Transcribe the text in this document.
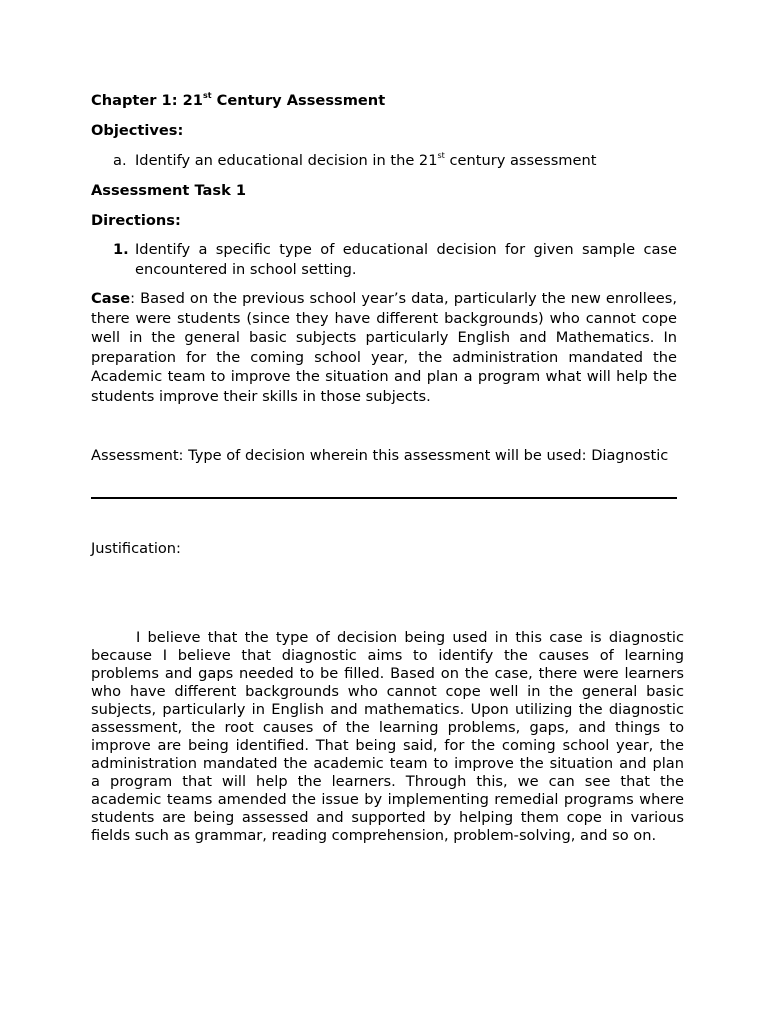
Chapter 1: 21st Century Assessment

Objectives:

a. Identify an educational decision in the 21st century assessment

Assessment Task 1

Directions:

1. Identify a specific type of educational decision for given sample case encountered in school setting.

Case: Based on the previous school year’s data, particularly the new enrollees, there were students (since they have different backgrounds) who cannot cope well in the general basic subjects particularly English and Mathematics. In preparation for the coming school year, the administration mandated the Academic team to improve the situation and plan a program what will help the students improve their skills in those subjects.

Assessment: Type of decision wherein this assessment will be used: Diagnostic

Justification:

I believe that the type of decision being used in this case is diagnostic because I believe that diagnostic aims to identify the causes of learning problems and gaps needed to be filled. Based on the case, there were learners who have different backgrounds who cannot cope well in the general basic subjects, particularly in English and mathematics. Upon utilizing the diagnostic assessment, the root causes of the learning problems, gaps, and things to improve are being identified. That being said, for the coming school year, the administration mandated the academic team to improve the situation and plan a program that will help the learners. Through this, we can see that the academic teams amended the issue by implementing remedial programs where students are being assessed and supported by helping them cope in various fields such as grammar, reading comprehension, problem-solving, and so on.
